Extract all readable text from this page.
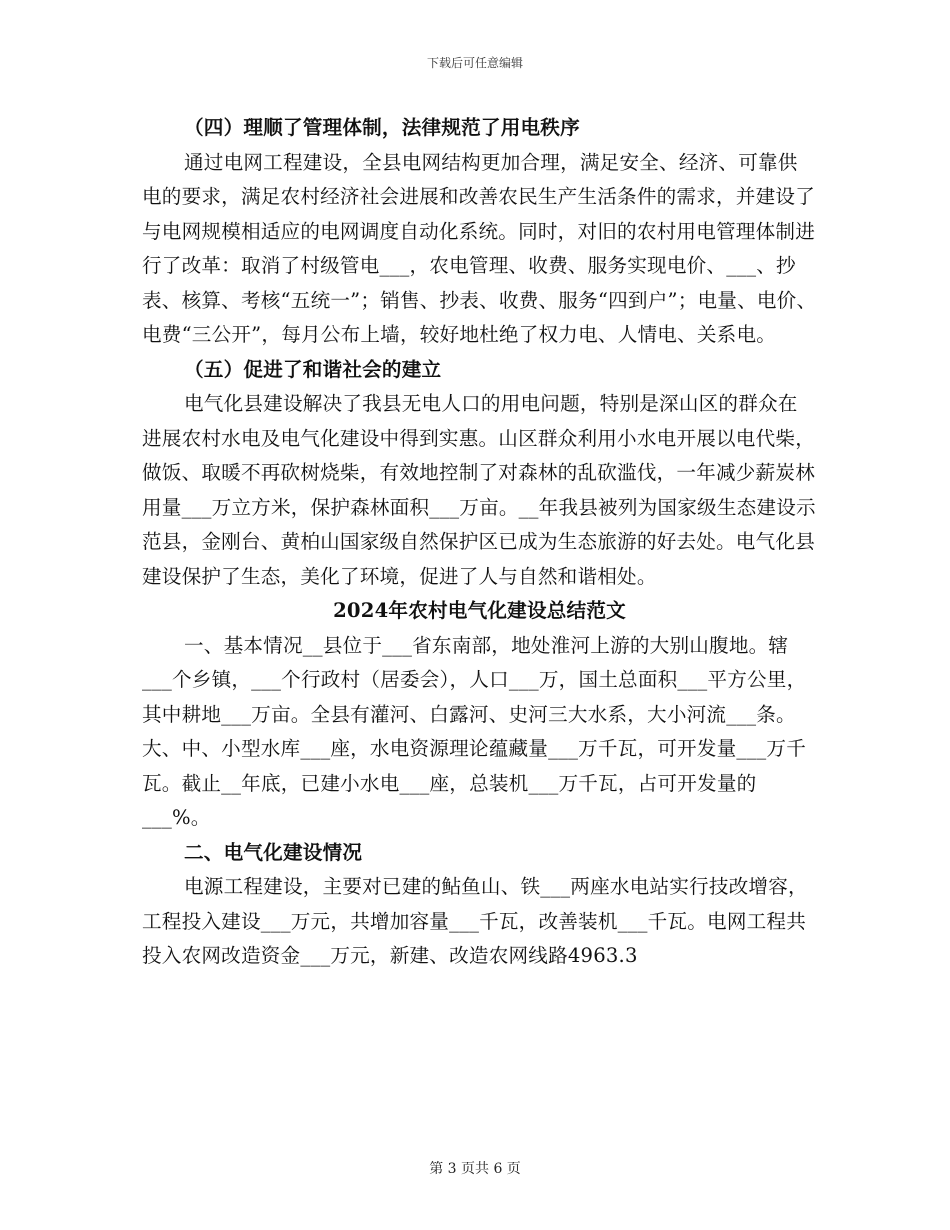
下载后可任意编辑

（四）理顺了管理体制，法律规范了用电秩序

通过电网工程建设，全县电网结构更加合理，满足安全、经济、可靠供电的要求，满足农村经济社会进展和改善农民生产生活条件的需求，并建设了与电网规模相适应的电网调度自动化系统。同时，对旧的农村用电管理体制进行了改革：取消了村级管电___，农电管理、收费、服务实现电价、___、抄表、核算、考核“五统一”；销售、抄表、收费、服务“四到户”；电量、电价、电费“三公开”，每月公布上墙，较好地杜绝了权力电、人情电、关系电。

（五）促进了和谐社会的建立

电气化县建设解决了我县无电人口的用电问题，特别是深山区的群众在进展农村水电及电气化建设中得到实惠。山区群众利用小水电开展以电代柴，做饭、取暖不再砍树烧柴，有效地控制了对森林的乱砍滥伐，一年减少薪炭林用量___万立方米，保护森林面积___万亩。__年我县被列为国家级生态建设示范县，金刚台、黄柏山国家级自然保护区已成为生态旅游的好去处。电气化县建设保护了生态，美化了环境，促进了人与自然和谐相处。

2024年农村电气化建设总结范文

一、基本情况__县位于___省东南部，地处淮河上游的大别山腹地。辖___个乡镇，___个行政村（居委会），人口___万，国土总面积___平方公里，其中耕地___万亩。全县有灌河、白露河、史河三大水系，大小河流___条。大、中、小型水库___座，水电资源理论蕴藏量___万千瓦，可开发量___万千瓦。截止__年底，已建小水电___座，总装机___万千瓦，占可开发量的___%。

二、电气化建设情况

电源工程建设，主要对已建的鲇鱼山、铁___两座水电站实行技改增容，工程投入建设___万元，共增加容量___千瓦，改善装机___千瓦。电网工程共投入农网改造资金___万元，新建、改造农网线路4963.3

第 3 页共 6 页
